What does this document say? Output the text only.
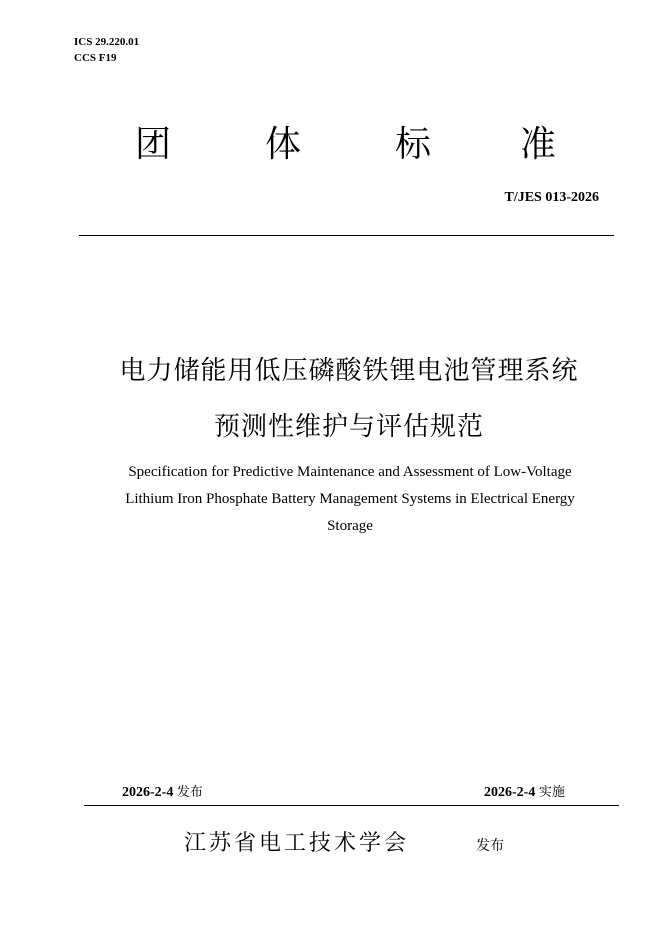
ICS 29.220.01
CCS F19
团	体	标 准
T/JES 013-2026
电力储能用低压磷酸铁锂电池管理系统
预测性维护与评估规范
Specification for Predictive Maintenance and Assessment of Low-Voltage
Lithium Iron Phosphate Battery Management Systems in Electrical Energy
Storage
2026-2-4 发布	2026-2-4 实施
江苏省电工技术学会	发布
